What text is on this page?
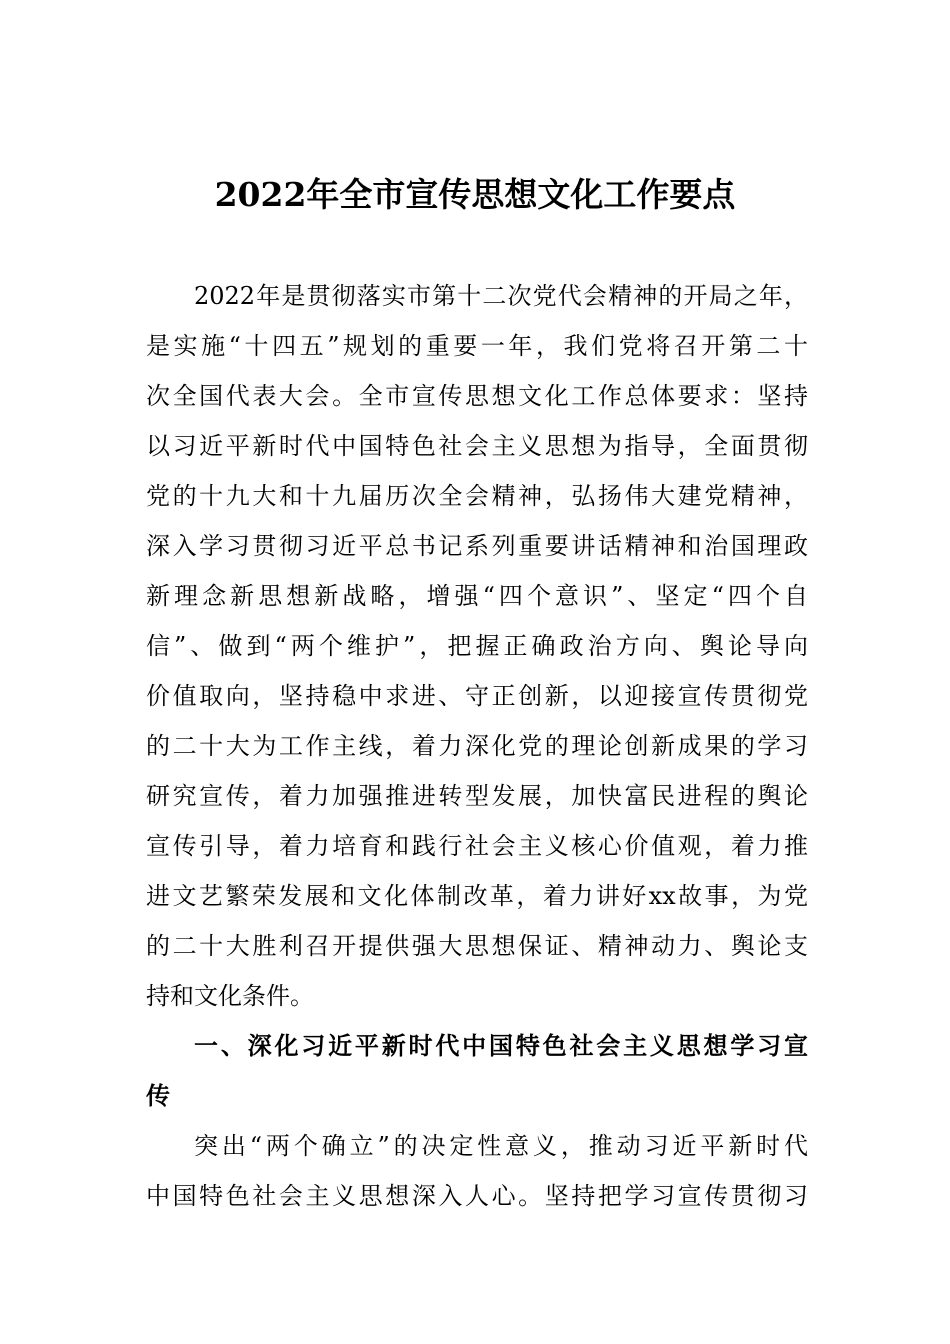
2022年全市宣传思想文化工作要点
2022年是贯彻落实市第十二次党代会精神的开局之年，
是实施“十四五”规划的重要一年，我们党将召开第二十
次全国代表大会。全市宣传思想文化工作总体要求：坚持
以习近平新时代中国特色社会主义思想为指导，全面贯彻
党的十九大和十九届历次全会精神，弘扬伟大建党精神，
深入学习贯彻习近平总书记系列重要讲话精神和治国理政
新理念新思想新战略，增强“四个意识”、坚定“四个自
信”、做到“两个维护”，把握正确政治方向、舆论导向
价值取向，坚持稳中求进、守正创新，以迎接宣传贯彻党
的二十大为工作主线，着力深化党的理论创新成果的学习
研究宣传，着力加强推进转型发展，加快富民进程的舆论
宣传引导，着力培育和践行社会主义核心价值观，着力推
进文艺繁荣发展和文化体制改革，着力讲好xx故事，为党
的二十大胜利召开提供强大思想保证、精神动力、舆论支
持和文化条件。
一、深化习近平新时代中国特色社会主义思想学习宣
传
突出“两个确立”的决定性意义，推动习近平新时代
中国特色社会主义思想深入人心。坚持把学习宣传贯彻习
